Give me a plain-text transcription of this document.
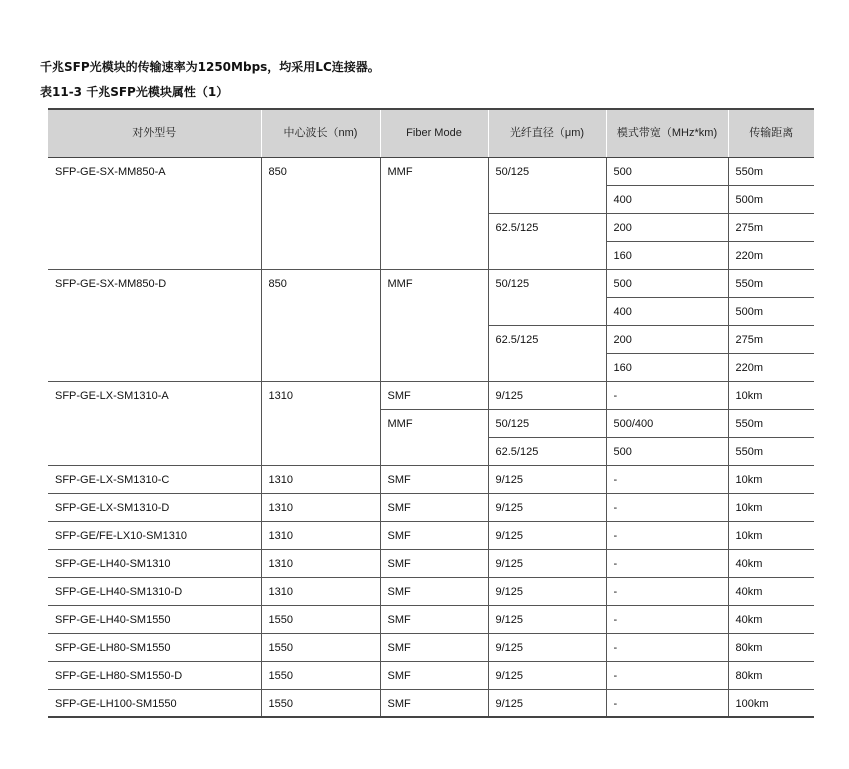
千兆SFP光模块的传输速率为1250Mbps，均采用LC连接器。
表11-3 千兆SFP光模块属性（1）
对外型号	中心波长（nm)	Fiber Mode	光纤直径（μm)	模式带宽（MHz*km)	传输距离
SFP-GE-SX-MM850-A	850	MMF	50/125	500	550m
				400	500m
			62.5/125	200	275m
				160	220m
SFP-GE-SX-MM850-D	850	MMF	50/125	500	550m
				400	500m
			62.5/125	200	275m
				160	220m
SFP-GE-LX-SM1310-A	1310	SMF	9/125	-	10km
		MMF	50/125	500/400	550m
			62.5/125	500	550m
SFP-GE-LX-SM1310-C	1310	SMF	9/125	-	10km
SFP-GE-LX-SM1310-D	1310	SMF	9/125	-	10km
SFP-GE/FE-LX10-SM1310	1310	SMF	9/125	-	10km
SFP-GE-LH40-SM1310	1310	SMF	9/125	-	40km
SFP-GE-LH40-SM1310-D	1310	SMF	9/125	-	40km
SFP-GE-LH40-SM1550	1550	SMF	9/125	-	40km
SFP-GE-LH80-SM1550	1550	SMF	9/125	-	80km
SFP-GE-LH80-SM1550-D	1550	SMF	9/125	-	80km
SFP-GE-LH100-SM1550	1550	SMF	9/125	-	100km
